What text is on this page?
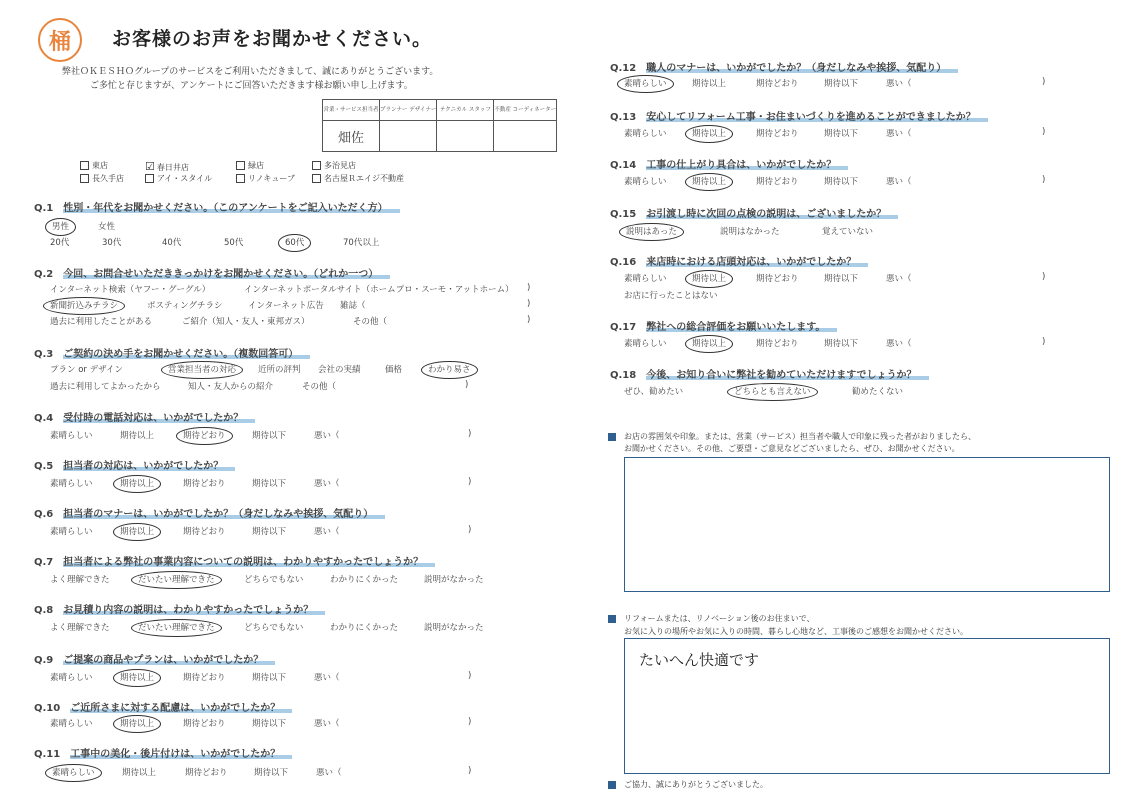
桶 お客様のお声をお聞かせください。
弊社ＯＫＥＳＨＯグループのサービスをご利用いただきまして、誠にありがとうございます。
ご多忙と存じますが、アンケートにご回答いただきます様お願い申し上げます。
営業・サービス担当者	プランナー デザイナー	テクニカル スタッフ	不動産 コーディネーター
畑佐			
東店	☑ 春日井店	緑店	多治見店
長久手店	アイ・スタイル	リノキューブ	名古屋Ｒエイジ不動産
Q.1　 性別・年代をお聞かせください。（このアンケートをご記入いただく方）
男性	女性
20代	30代	40代	50代	60代	70代以上
Q.2　 今回、お問合せいただききっかけをお聞かせください。（どれか一つ）
インターネット検索（ヤフー・グーグル）	インターネットポータルサイト（ホームプロ・スーモ・アットホーム） )
新聞折込みチラシ	ポスティングチラシ	インターネット広告 雑誌（	)
過去に利用したことがある	ご紹介（知人・友人・東邦ガス）	その他（	)
Q.3　 ご契約の決め手をお聞かせください。（複数回答可）
プラン or デザイン	営業担当者の対応	近所の評判 会社の実績	価格	わかり易さ
過去に利用してよかったから	知人・友人からの紹介	その他（	)
Q.4　 受付時の電話対応は、いかがでしたか？
素晴らしい	期待以上	期待どおり	期待以下	悪い（	)
Q.5　 担当者の対応は、いかがでしたか？
素晴らしい	期待以上	期待どおり	期待以下	悪い（	)
Q.6　 担当者のマナーは、いかがでしたか？（身だしなみや挨拶、気配り）
素晴らしい	期待以上	期待どおり	期待以下	悪い（	)
Q.7　 担当者による弊社の事業内容についての説明は、わかりやすかったでしょうか？
よく理解できた	だいたい理解できた	どちらでもない	わかりにくかった	説明がなかった
Q.8　 お見積り内容の説明は、わかりやすかったでしょうか？
よく理解できた	だいたい理解できた	どちらでもない	わかりにくかった	説明がなかった
Q.9　 ご提案の商品やプランは、いかがでしたか？
素晴らしい	期待以上	期待どおり	期待以下	悪い（	)
Q.10　 ご近所さまに対する配慮は、いかがでしたか？
素晴らしい	期待以上	期待どおり	期待以下	悪い（	)
Q.11　 工事中の美化・後片付けは、いかがでしたか？
素晴らしい	期待以上	期待どおり	期待以下	悪い（	)
Q.12　 職人のマナーは、いかがでしたか？（身だしなみや挨拶、気配り）
素晴らしい	期待以上	期待どおり	期待以下	悪い（	)
Q.13　 安心してリフォーム工事・お住まいづくりを進めることができましたか？
素晴らしい	期待以上	期待どおり	期待以下	悪い（	)
Q.14　 工事の仕上がり具合は、いかがでしたか？
素晴らしい	期待以上	期待どおり	期待以下	悪い（	)
Q.15　 お引渡し時に次回の点検の説明は、ございましたか？
説明はあった	説明はなかった	覚えていない
Q.16　 来店時における店頭対応は、いかがでしたか？
素晴らしい	期待以上	期待どおり	期待以下	悪い（	)
お店に行ったことはない
Q.17　 弊社への総合評価をお願いいたします。
素晴らしい	期待以上	期待どおり	期待以下	悪い（	)
Q.18　 今後、お知り合いに弊社を勧めていただけますでしょうか？
ぜひ、勧めたい	どちらとも言えない	勧めたくない
お店の雰囲気や印象。または、営業（サービス）担当者や職人で印象に残った者がおりましたら、
お聞かせください。その他、ご要望・ご意見などございましたら、ぜひ、お聞かせください。
リフォームまたは、リノベーション後のお住まいで、
お気に入りの場所やお気に入りの時間、暮らし心地など、工事後のご感想をお聞かせください。
たいへん快適です
ご協力、誠にありがとうございました。
